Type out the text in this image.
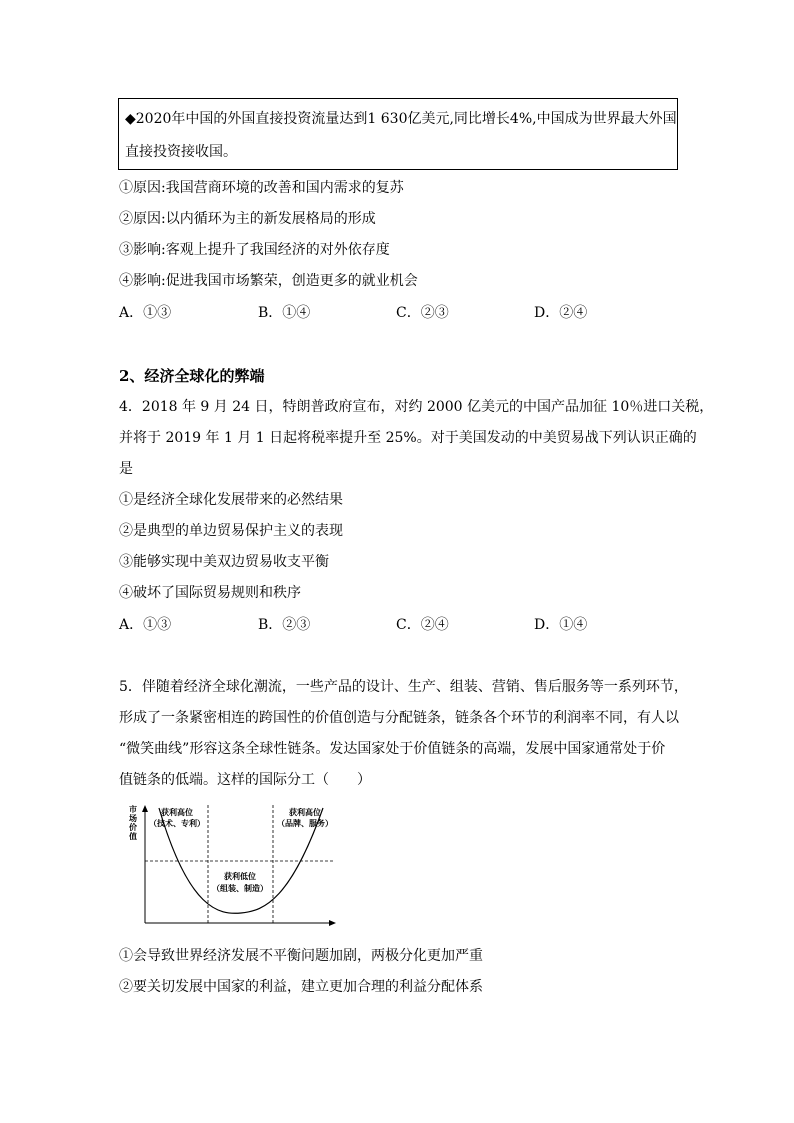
◆2020年中国的外国直接投资流量达到1 630亿美元,同比增长4%,中国成为世界最大外国
直接投资接收国。
①原因:我国营商环境的改善和国内需求的复苏
②原因:以内循环为主的新发展格局的形成
③影响:客观上提升了我国经济的对外依存度
④影响:促进我国市场繁荣，创造更多的就业机会
A．①③	B．①④	C．②③	D．②④
2、经济全球化的弊端
4．2018 年 9 月 24 日，特朗普政府宣布，对约 2000 亿美元的中国产品加征 10％进口关税，
并将于 2019 年 1 月 1 日起将税率提升至 25%。对于美国发动的中美贸易战下列认识正确的
是
①是经济全球化发展带来的必然结果
②是典型的单边贸易保护主义的表现
③能够实现中美双边贸易收支平衡
④破坏了国际贸易规则和秩序
A．①③	B．②③	C．②④	D．①④
5．伴随着经济全球化潮流，一些产品的设计、生产、组装、营销、售后服务等一系列环节，
形成了一条紧密相连的跨国性的价值创造与分配链条，链条各个环节的利润率不同，有人以
“微笑曲线”形容这条全球性链条。发达国家处于价值链条的高端，发展中国家通常处于价
值链条的低端。这样的国际分工（　　）
市
场
价
值
获利高位
（技术、专利）
获利高位
（品牌、服务）
获利低位
（组装、制造）
①会导致世界经济发展不平衡问题加剧，两极分化更加严重
②要关切发展中国家的利益，建立更加合理的利益分配体系
